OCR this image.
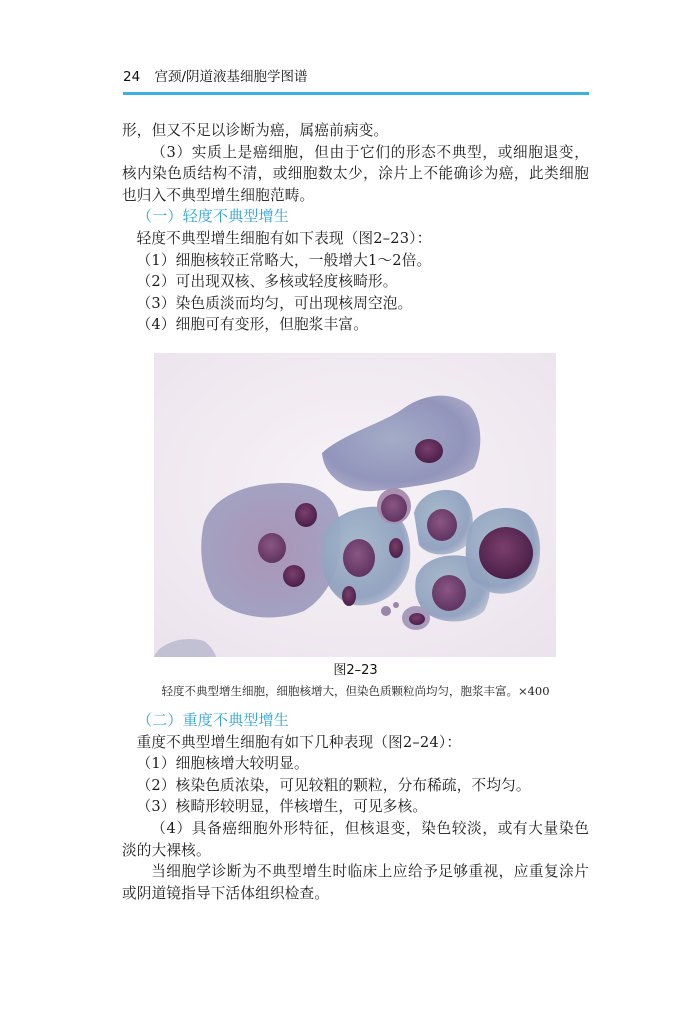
24 宫颈/阴道液基细胞学图谱

形，但又不足以诊断为癌，属癌前病变。

（3）实质上是癌细胞，但由于它们的形态不典型，或细胞退变，核内染色质结构不清，或细胞数太少，涂片上不能确诊为癌，此类细胞也归入不典型增生细胞范畴。

（一）轻度不典型增生

轻度不典型增生细胞有如下表现（图2–23）：

（1）细胞核较正常略大，一般增大1～2倍。

（2）可出现双核、多核或轻度核畸形。

（3）染色质淡而均匀，可出现核周空泡。

（4）细胞可有变形，但胞浆丰富。

图2–23
轻度不典型增生细胞，细胞核增大，但染色质颗粒尚均匀，胞浆丰富。×400

（二）重度不典型增生

重度不典型增生细胞有如下几种表现（图2–24）：

（1）细胞核增大较明显。

（2）核染色质浓染，可见较粗的颗粒，分布稀疏，不均匀。

（3）核畸形较明显，伴核增生，可见多核。

（4）具备癌细胞外形特征，但核退变，染色较淡，或有大量染色淡的大裸核。

当细胞学诊断为不典型增生时临床上应给予足够重视，应重复涂片或阴道镜指导下活体组织检查。
